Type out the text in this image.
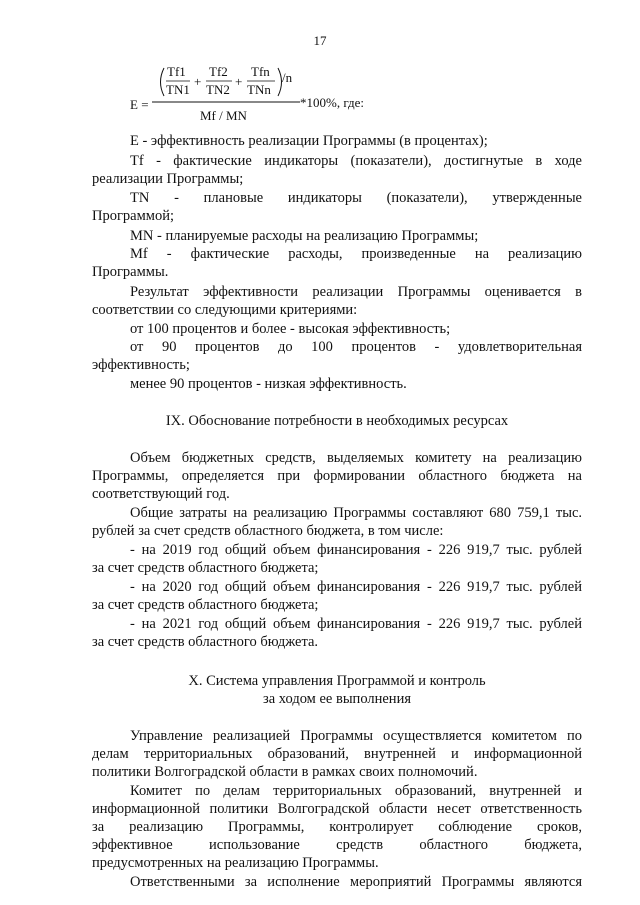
17
E =
Tf1
TN1
+
Tf2
TN2
+
Tfn
TNn
/n
Mf / MN
*100%, где:
E - эффективность реализации Программы (в процентах);
Tf - фактические индикаторы (показатели), достигнутые в ходе
реализации Программы;
TN - плановые индикаторы (показатели), утвержденные
Программой;
MN - планируемые расходы на реализацию Программы;
Mf - фактические расходы, произведенные на реализацию
Программы.
Результат эффективности реализации Программы оценивается в
соответствии со следующими критериями:
от 100 процентов и более - высокая эффективность;
от 90 процентов до 100 процентов - удовлетворительная
эффективность;
менее 90 процентов - низкая эффективность.
IX. Обоснование потребности в необходимых ресурсах
Объем бюджетных средств, выделяемых комитету на реализацию
Программы, определяется при формировании областного бюджета на
соответствующий год.
Общие затраты на реализацию Программы составляют 680 759,1 тыс.
рублей за счет средств областного бюджета, в том числе:
- на 2019 год общий объем финансирования - 226 919,7 тыс. рублей
за счет средств областного бюджета;
- на 2020 год общий объем финансирования - 226 919,7 тыс. рублей
за счет средств областного бюджета;
- на 2021 год общий объем финансирования - 226 919,7 тыс. рублей
за счет средств областного бюджета.
X. Система управления Программой и контроль
за ходом ее выполнения
Управление реализацией Программы осуществляется комитетом по
делам территориальных образований, внутренней и информационной
политики Волгоградской области в рамках своих полномочий.
Комитет по делам территориальных образований, внутренней и
информационной политики Волгоградской области несет ответственность
за реализацию Программы, контролирует соблюдение сроков,
эффективное использование средств областного бюджета,
предусмотренных на реализацию Программы.
Ответственными за исполнение мероприятий Программы являются
